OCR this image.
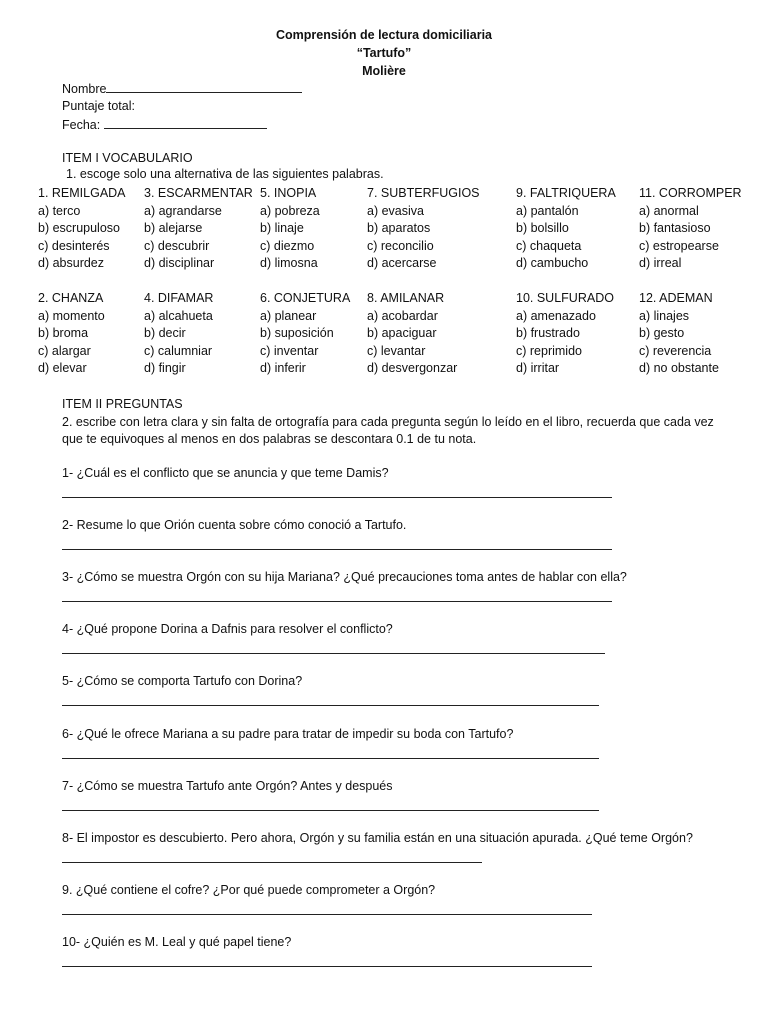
Comprensión de lectura domiciliaria
“Tartufo”
Molière
Nombre
Puntaje total:
Fecha:
ITEM I VOCABULARIO
1. escoge solo una alternativa de las siguientes palabras.
ITEM II PREGUNTAS
2. escribe con letra clara y sin falta de ortografía para cada pregunta según lo leído en el libro, recuerda que cada vez
que te equivoques al menos en dos palabras se descontara 0.1 de tu nota.
1. REMILGADA
a) terco
b) escrupuloso
c) desinterés
d) absurdez
3. ESCARMENTAR
a) agrandarse
b) alejarse
c) descubrir
d) disciplinar
5. INOPIA
a) pobreza
b) linaje
c) diezmo
d) limosna
7. SUBTERFUGIOS
a) evasiva
b) aparatos
c) reconcilio
d) acercarse
9. FALTRIQUERA
a) pantalón
b) bolsillo
c) chaqueta
d) cambucho
11. CORROMPER
a) anormal
b) fantasioso
c) estropearse
d) irreal
2. CHANZA
a) momento
b) broma
c) alargar
d) elevar
4. DIFAMAR
a) alcahueta
b) decir
c) calumniar
d) fingir
6. CONJETURA
a) planear
b) suposición
c) inventar
d) inferir
8. AMILANAR
a) acobardar
b) apaciguar
c) levantar
d) desvergonzar
10. SULFURADO
a) amenazado
b) frustrado
c) reprimido
d) irritar
12. ADEMAN
a) linajes
b) gesto
c) reverencia
d) no obstante
1- ¿Cuál es el conflicto que se anuncia y que teme Damis?
2- Resume lo que Orión cuenta sobre cómo conoció a Tartufo.
3- ¿Cómo se muestra Orgón con su hija Mariana? ¿Qué precauciones toma antes de hablar con ella?
4- ¿Qué propone Dorina a Dafnis para resolver el conflicto?
5- ¿Cómo se comporta Tartufo con Dorina?
6- ¿Qué le ofrece Mariana a su padre para tratar de impedir su boda con Tartufo?
7- ¿Cómo se muestra Tartufo ante Orgón? Antes y después
8- El impostor es descubierto. Pero ahora, Orgón y su familia están en una situación apurada. ¿Qué teme Orgón?
9. ¿Qué contiene el cofre? ¿Por qué puede comprometer a Orgón?
10- ¿Quién es M. Leal y qué papel tiene?
